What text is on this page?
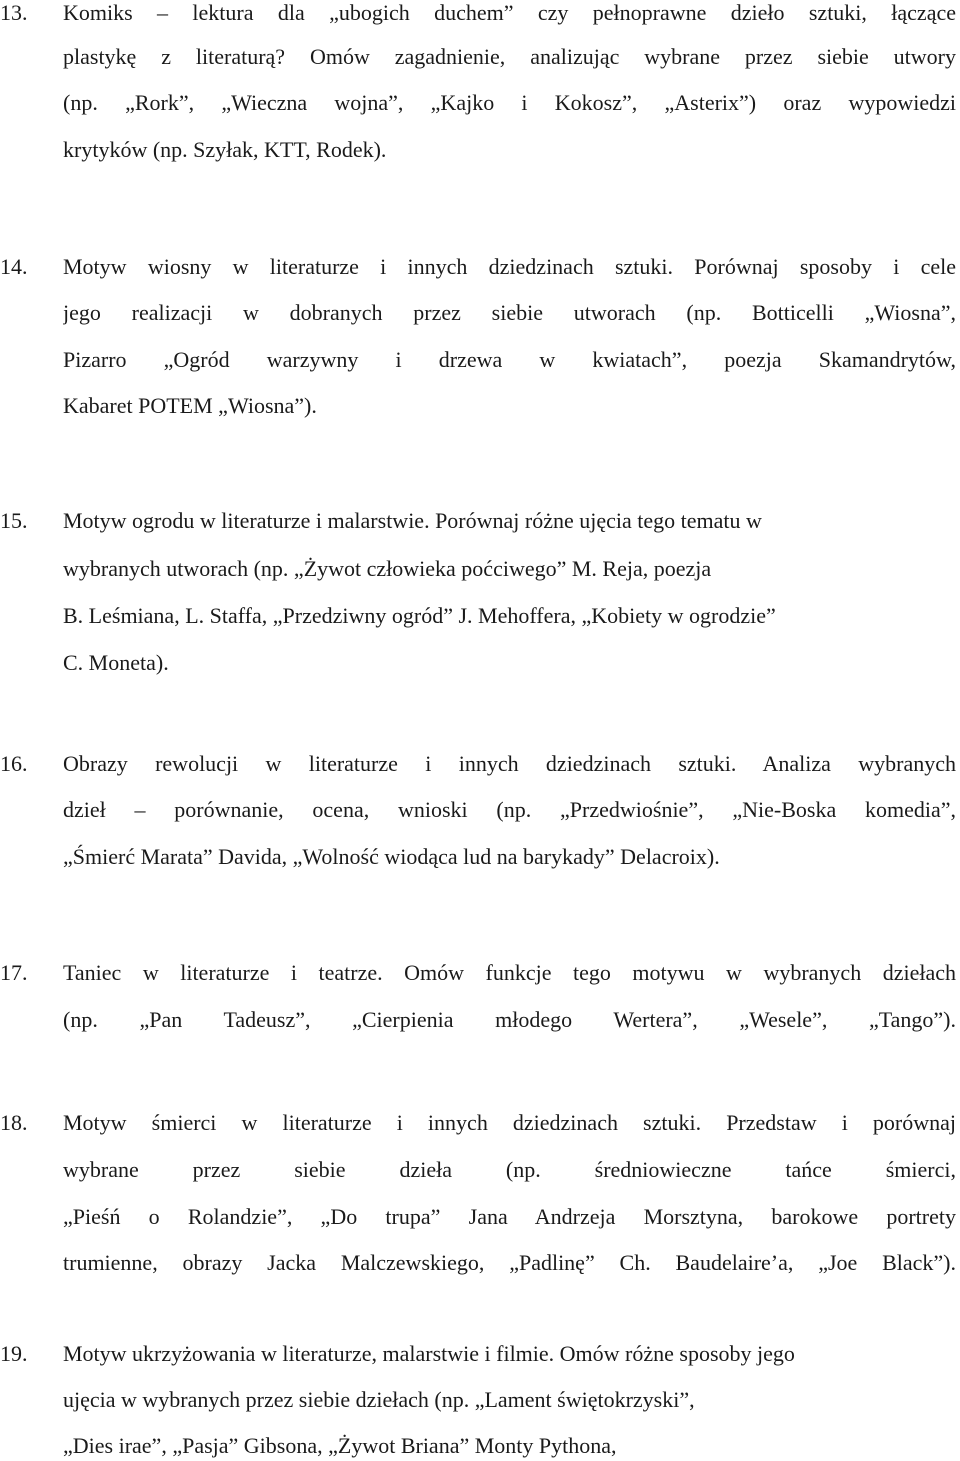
13.	Komiks – lektura dla „ubogich duchem” czy pełnoprawne dzieło sztuki, łączące
plastykę z literaturą? Omów zagadnienie, analizując wybrane przez siebie utwory
(np. „Rork”, „Wieczna wojna”, „Kajko i Kokosz”, „Asterix”) oraz wypowiedzi
krytyków (np. Szyłak, KTT, Rodek).
14.	Motyw wiosny w literaturze i innych dziedzinach sztuki. Porównaj sposoby i cele
jego realizacji w dobranych przez siebie utworach (np. Botticelli „Wiosna”,
Pizarro „Ogród warzywny i drzewa w kwiatach”, poezja Skamandrytów,
Kabaret POTEM „Wiosna”).
15.	Motyw ogrodu w literaturze i malarstwie. Porównaj różne ujęcia tego tematu w
wybranych utworach (np. „Żywot człowieka poćciwego” M. Reja, poezja
B. Leśmiana, L. Staffa, „Przedziwny ogród” J. Mehoffera, „Kobiety w ogrodzie”
C. Moneta).
16.	Obrazy rewolucji w literaturze i innych dziedzinach sztuki. Analiza wybranych
dzieł – porównanie, ocena, wnioski (np. „Przedwiośnie”, „Nie-Boska komedia”,
„Śmierć Marata” Davida, „Wolność wiodąca lud na barykady” Delacroix).
17.	Taniec w literaturze i teatrze. Omów funkcje tego motywu w wybranych dziełach
(np. „Pan Tadeusz”, „Cierpienia młodego Wertera”, „Wesele”, „Tango”).
18.	Motyw śmierci w literaturze i innych dziedzinach sztuki. Przedstaw i porównaj
wybrane przez siebie dzieła (np. średniowieczne tańce śmierci,
„Pieśń o Rolandzie”, „Do trupa” Jana Andrzeja Morsztyna, barokowe portrety
trumienne, obrazy Jacka Malczewskiego, „Padlinę” Ch. Baudelaire’a, „Joe Black”).
19.	Motyw ukrzyżowania w literaturze, malarstwie i filmie. Omów różne sposoby jego
ujęcia w wybranych przez siebie dziełach (np. „Lament świętokrzyski”,
„Dies irae”, „Pasja” Gibsona, „Żywot Briana” Monty Pythona,
